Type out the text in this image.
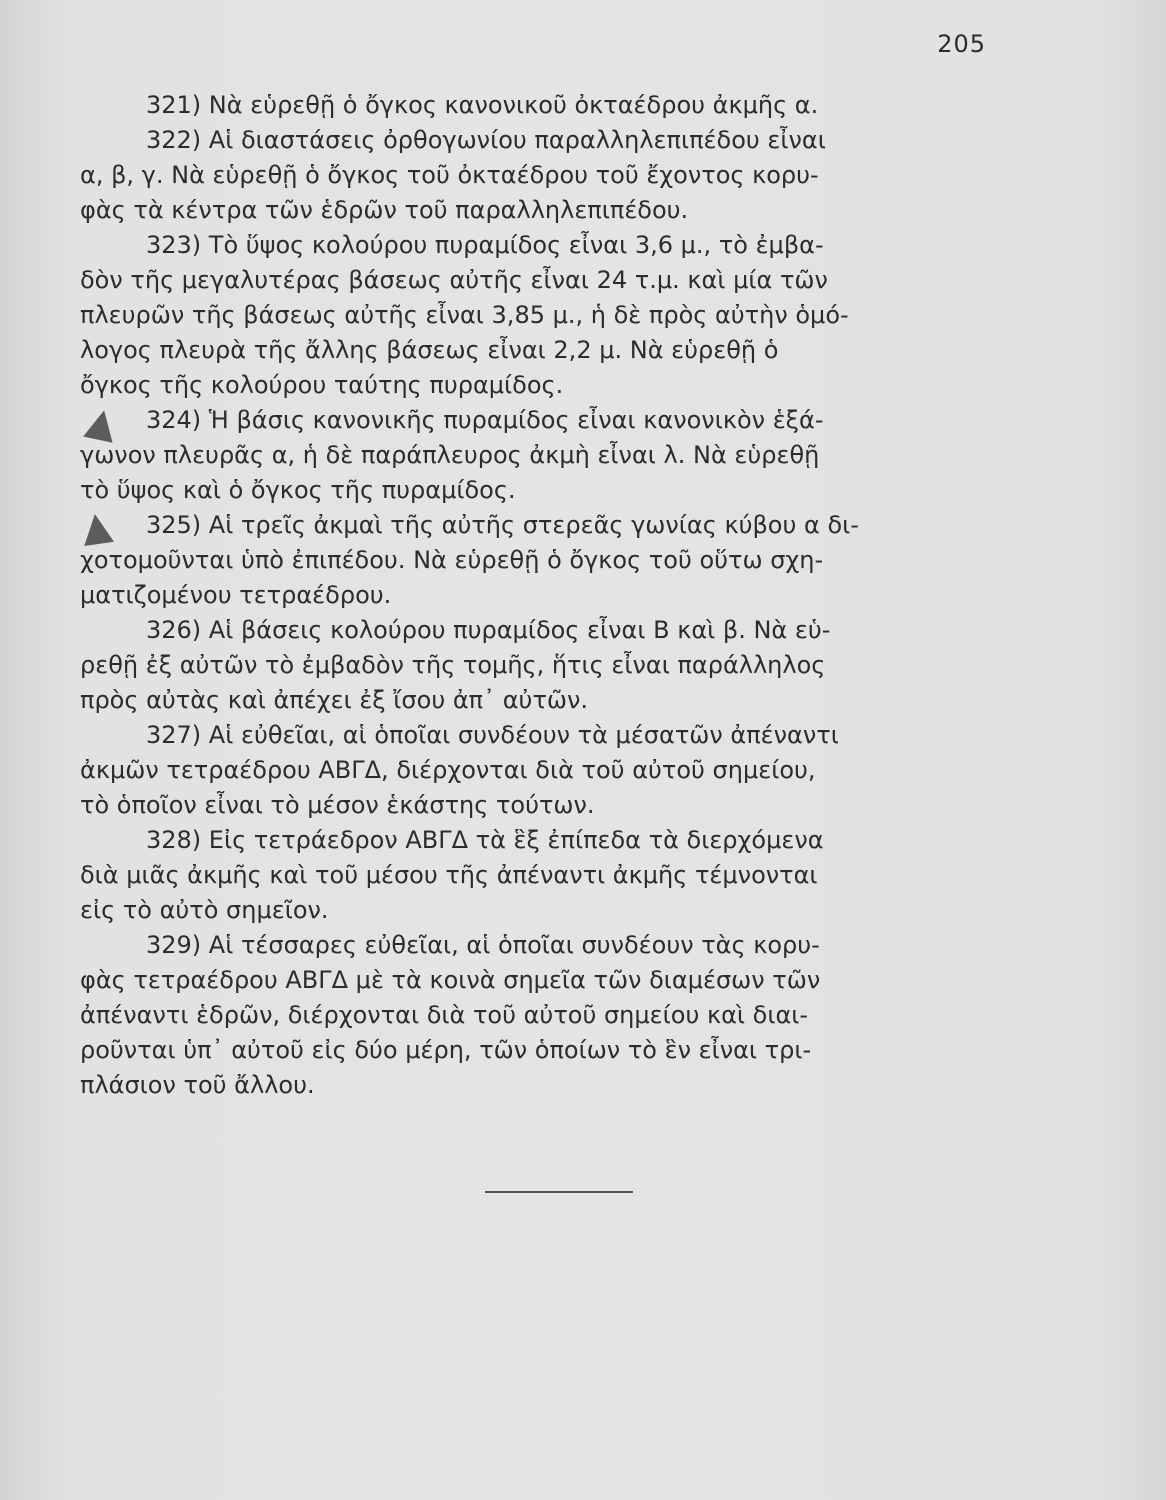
205
321) Νὰ εὑρεθῇ ὁ ὄγκος κανονικοῦ ὀκταέδρου ἀκμῆς α.
322) Αἱ διαστάσεις ὀρθογωνίου παραλληλεπιπέδου εἶναι
α, β, γ. Νὰ εὑρεθῇ ὁ ὄγκος τοῦ ὀκταέδρου τοῦ ἔχοντος κορυ-
φὰς τὰ κέντρα τῶν ἑδρῶν τοῦ παραλληλεπιπέδου.
323) Τὸ ὕψος κολούρου πυραμίδος εἶναι 3,6 μ., τὸ ἐμβα-
δὸν τῆς μεγαλυτέρας βάσεως αὐτῆς εἶναι 24 τ.μ. καὶ μία τῶν
πλευρῶν τῆς βάσεως αὐτῆς εἶναι 3,85 μ., ἡ δὲ πρὸς αὐτὴν ὁμό-
λογος πλευρὰ τῆς ἄλλης βάσεως εἶναι 2,2 μ. Νὰ εὑρεθῇ ὁ
ὄγκος τῆς κολούρου ταύτης πυραμίδος.
324) Ἡ βάσις κανονικῆς πυραμίδος εἶναι κανονικὸν ἑξά-
γωνον πλευρᾶς α, ἡ δὲ παράπλευρος ἀκμὴ εἶναι λ. Νὰ εὑρεθῇ
τὸ ὕψος καὶ ὁ ὄγκος τῆς πυραμίδος.
325) Αἱ τρεῖς ἀκμαὶ τῆς αὐτῆς στερεᾶς γωνίας κύβου α δι-
χοτομοῦνται ὑπὸ ἐπιπέδου. Νὰ εὑρεθῇ ὁ ὄγκος τοῦ οὕτω σχη-
ματιζομένου τετραέδρου.
326) Αἱ βάσεις κολούρου πυραμίδος εἶναι Β καὶ β. Νὰ εὑ-
ρεθῇ ἐξ αὐτῶν τὸ ἐμβαδὸν τῆς τομῆς, ἥτις εἶναι παράλληλος
πρὸς αὐτὰς καὶ ἀπέχει ἐξ ἴσου ἀπ᾽ αὐτῶν.
327) Αἱ εὐθεῖαι, αἱ ὁποῖαι συνδέουν τὰ μέσατῶν ἀπέναντι
ἀκμῶν τετραέδρου ΑΒΓΔ, διέρχονται διὰ τοῦ αὐτοῦ σημείου,
τὸ ὁποῖον εἶναι τὸ μέσον ἑκάστης τούτων.
328) Εἰς τετράεδρον ΑΒΓΔ τὰ ἓξ ἐπίπεδα τὰ διερχόμενα
διὰ μιᾶς ἀκμῆς καὶ τοῦ μέσου τῆς ἀπέναντι ἀκμῆς τέμνονται
εἰς τὸ αὐτὸ σημεῖον.
329) Αἱ τέσσαρες εὐθεῖαι, αἱ ὁποῖαι συνδέουν τὰς κορυ-
φὰς τετραέδρου ΑΒΓΔ μὲ τὰ κοινὰ σημεῖα τῶν διαμέσων τῶν
ἀπέναντι ἑδρῶν, διέρχονται διὰ τοῦ αὐτοῦ σημείου καὶ διαι-
ροῦνται ὑπ᾽ αὐτοῦ εἰς δύο μέρη, τῶν ὁποίων τὸ ἓν εἶναι τρι-
πλάσιον τοῦ ἄλλου.
